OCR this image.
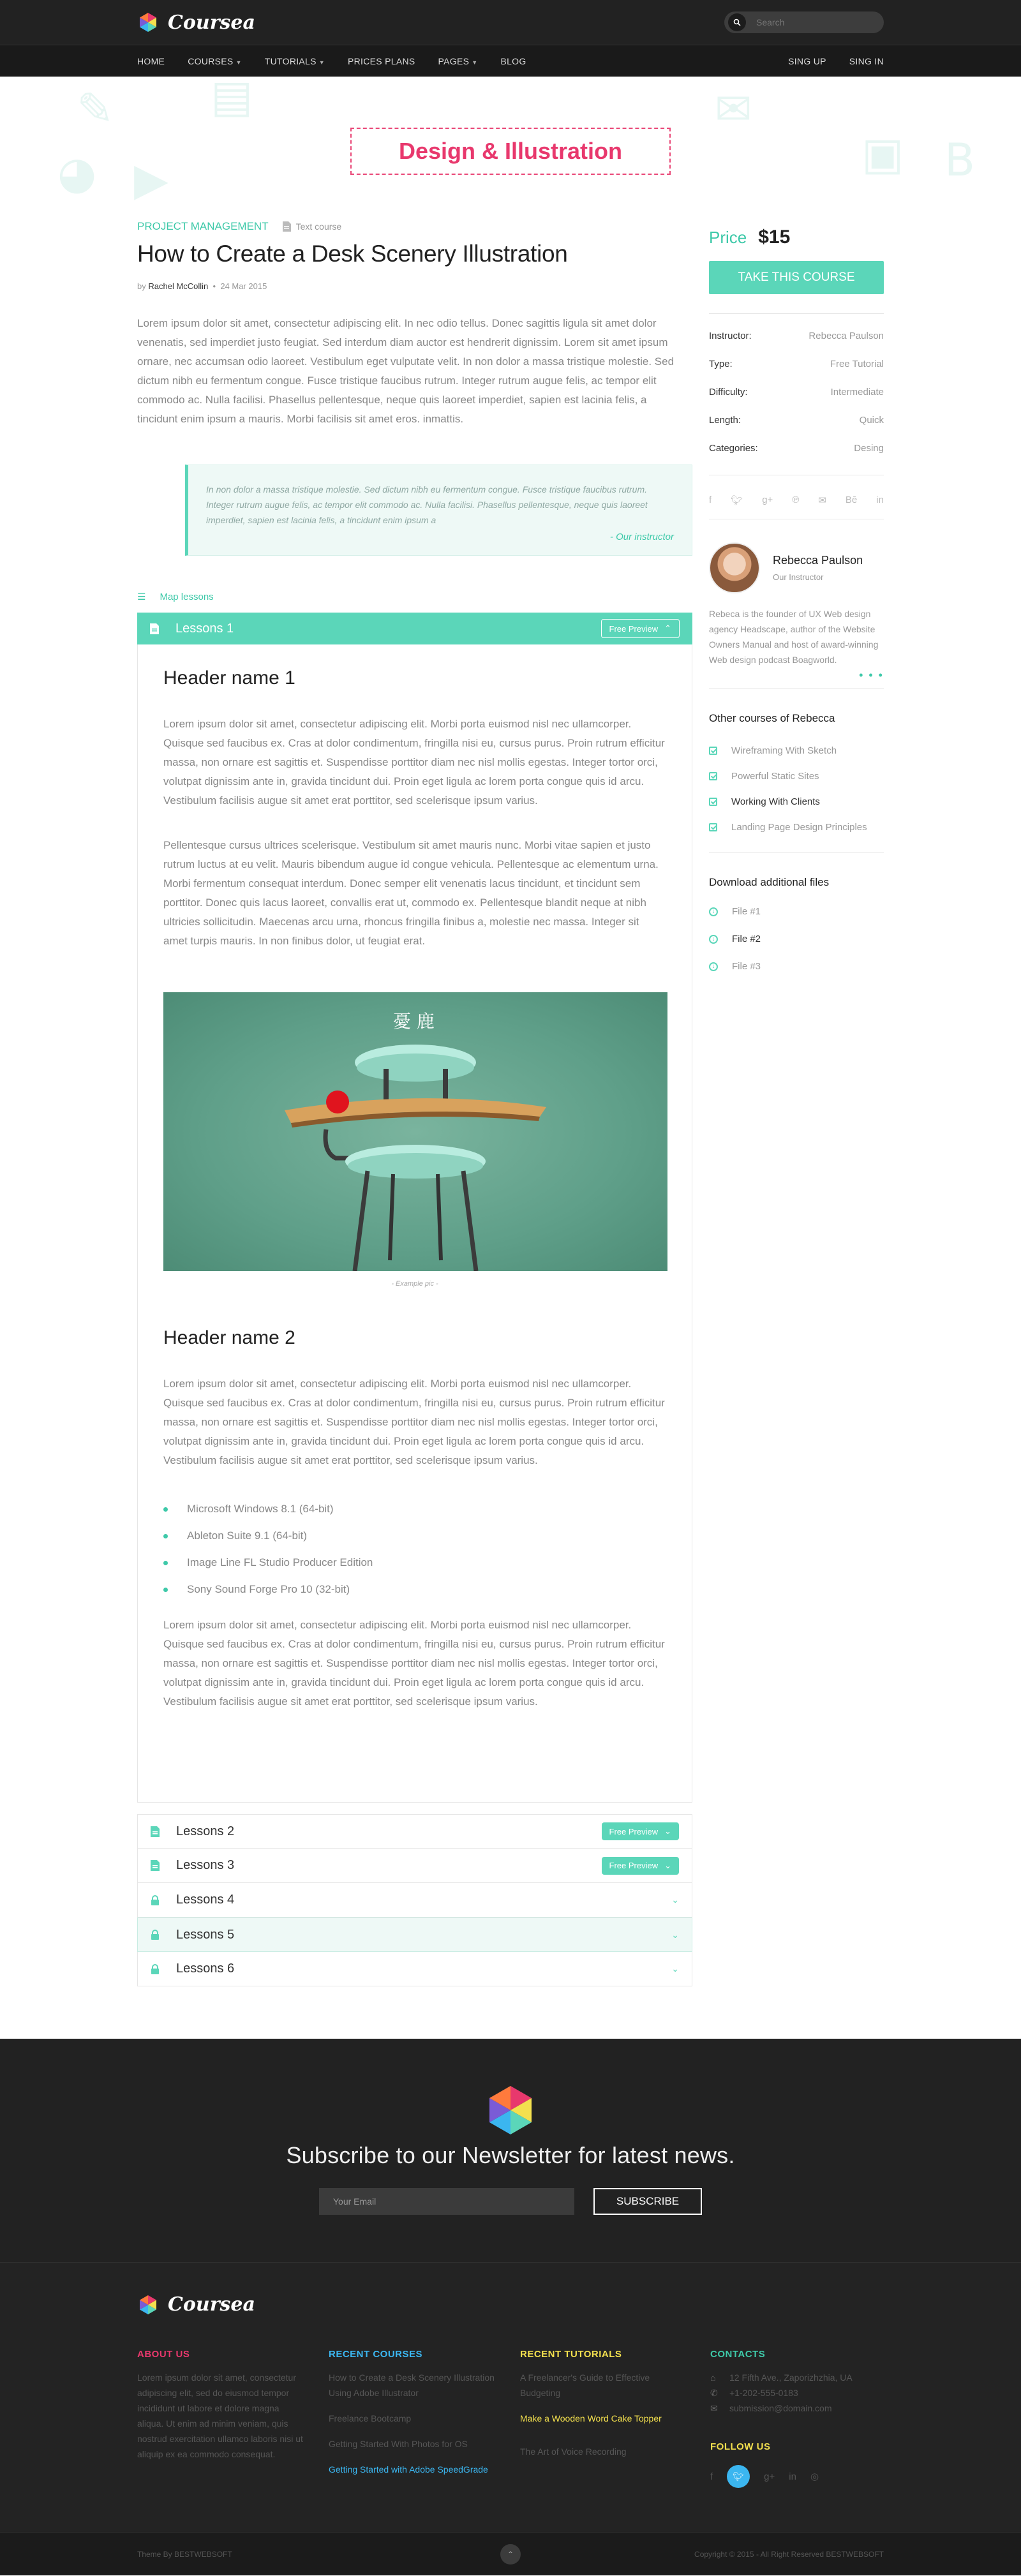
Coursea
Search
HOME	COURSES ▼	TUTORIALS ▼	PRICES PLANS	PAGES ▼	BLOG	SING UP	SING IN
✎ ▤
◕ ▶
✉
▣ B
Design & Illustration
PROJECT MANAGEMENT	Text course
How to Create a Desk Scenery Illustration
by Rachel McCollin  •  24 Mar 2015

Lorem ipsum dolor sit amet, consectetur adipiscing elit. In nec odio tellus. Donec sagittis ligula sit amet dolor venenatis, sed imperdiet justo feugiat. Sed interdum diam auctor est hendrerit dignissim. Lorem sit amet ipsum ornare, nec accumsan odio laoreet. Vestibulum eget vulputate velit. In non dolor a massa tristique molestie. Sed dictum nibh eu fermentum congue. Fusce tristique faucibus rutrum. Integer rutrum augue felis, ac tempor elit commodo ac. Nulla facilisi. Phasellus pellentesque, neque quis laoreet imperdiet, sapien est lacinia felis, a tincidunt enim ipsum a mauris. Morbi facilisis sit amet eros. inmattis.

In non dolor a massa tristique molestie. Sed dictum nibh eu fermentum congue. Fusce tristique faucibus rutrum. Integer rutrum augue felis, ac tempor elit commodo ac. Nulla facilisi. Phasellus pellentesque, neque quis laoreet imperdiet, sapien est lacinia felis, a tincidunt enim ipsum a

- Our instructor
☰ Map lessons
Lessons 1	Free Preview ⌃
Header name 1

Lorem ipsum dolor sit amet, consectetur adipiscing elit. Morbi porta euismod nisl nec ullamcorper. Quisque sed faucibus ex. Cras at dolor condimentum, fringilla nisi eu, cursus purus. Proin rutrum efficitur massa, non ornare est sagittis et. Suspendisse porttitor diam nec nisl mollis egestas. Integer tortor orci, volutpat dignissim ante in, gravida tincidunt dui. Proin eget ligula ac lorem porta congue quis id arcu. Vestibulum facilisis augue sit amet erat porttitor, sed scelerisque ipsum varius.

Pellentesque cursus ultrices scelerisque. Vestibulum sit amet mauris nunc. Morbi vitae sapien et justo rutrum luctus at eu velit. Mauris bibendum augue id congue vehicula. Pellentesque ac elementum urna. Morbi fermentum consequat interdum. Donec semper elit venenatis lacus tincidunt, et tincidunt sem porttitor. Donec quis lacus laoreet, convallis erat ut, commodo ex. Pellentesque blandit neque at nibh ultricies sollicitudin. Maecenas arcu urna, rhoncus fringilla finibus a, molestie nec massa. Integer sit amet turpis mauris. In non finibus dolor, ut feugiat erat.

憂 鹿
- Example pic -
Header name 2

Lorem ipsum dolor sit amet, consectetur adipiscing elit. Morbi porta euismod nisl nec ullamcorper. Quisque sed faucibus ex. Cras at dolor condimentum, fringilla nisi eu, cursus purus. Proin rutrum efficitur massa, non ornare est sagittis et. Suspendisse porttitor diam nec nisl mollis egestas. Integer tortor orci, volutpat dignissim ante in, gravida tincidunt dui. Proin eget ligula ac lorem porta congue quis id arcu. Vestibulum facilisis augue sit amet erat porttitor, sed scelerisque ipsum varius.

Microsoft Windows 8.1 (64-bit)
Ableton Suite 9.1 (64-bit)
Image Line FL Studio Producer Edition
Sony Sound Forge Pro 10 (32-bit)

Lorem ipsum dolor sit amet, consectetur adipiscing elit. Morbi porta euismod nisl nec ullamcorper. Quisque sed faucibus ex. Cras at dolor condimentum, fringilla nisi eu, cursus purus. Proin rutrum efficitur massa, non ornare est sagittis et. Suspendisse porttitor diam nec nisl mollis egestas. Integer tortor orci, volutpat dignissim ante in, gravida tincidunt dui. Proin eget ligula ac lorem porta congue quis id arcu. Vestibulum facilisis augue sit amet erat porttitor, sed scelerisque ipsum varius.

Lessons 2	Free Preview ⌄
Lessons 3	Free Preview ⌄
Lessons 4	⌄
Lessons 5	⌄
Lessons 6	⌄
Price $15
TAKE THIS COURSE
Instructor:	Rebecca Paulson
Type:	Free Tutorial
Difficulty:	Intermediate
Length:	Quick
Categories:	Desing
f 🐦︎ g+ ℗ ✉ Bē in
Rebecca Paulson
Our Instructor

Rebeca is the founder of UX Web design agency Headscape, author of the Website Owners Manual and host of award-winning Web design podcast Boagworld.

• • •
Other courses of Rebecca
Wireframing With Sketch
Powerful Static Sites
Working With Clients
Landing Page Design Principles
Download additional files
↓	File #1
↓	File #2
↓	File #3
Subscribe to our Newsletter for latest news.
Your Email	SUBSCRIBE
Coursea
ABOUT US
Lorem ipsum dolor sit amet, consectetur adipiscing elit, sed do eiusmod tempor incididunt ut labore et dolore magna aliqua. Ut enim ad minim veniam, quis nostrud exercitation ullamco laboris nisi ut aliquip ex ea commodo consequat.
RECENT COURSES
How to Create a Desk Scenery Illustration Using Adobe Illustrator
Freelance Bootcamp
Getting Started With Photos for OS
Getting Started with Adobe SpeedGrade
RECENT TUTORIALS
A Freelancer's Guide to Effective Budgeting
Make a Wooden Word Cake Topper
The Art of Voice Recording
CONTACTS
⌂	12 Fifth Ave., Zaporizhzhia, UA
✆	+1-202-555-0183
✉	submission@domain.com
FOLLOW US
f	🐦︎	g+ in ◎
Theme By BESTWEBSOFT	Copyright © 2015 - All Right Reserved BESTWEBSOFT
⌃
